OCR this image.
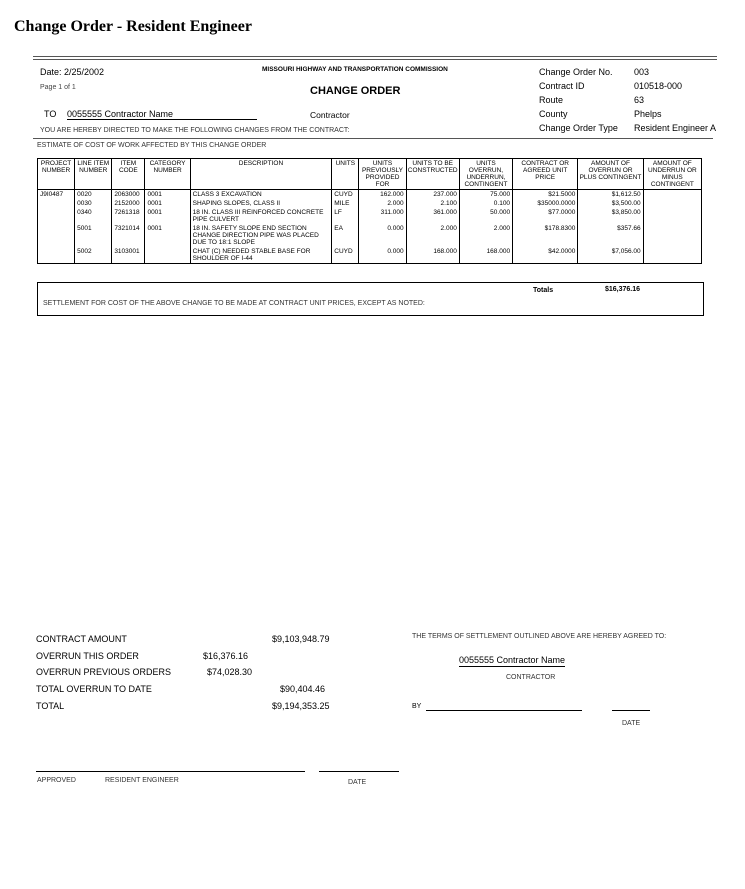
Change Order - Resident Engineer
Date: 2/25/2002
Page 1 of 1
MISSOURI HIGHWAY AND TRANSPORTATION COMMISSION
CHANGE ORDER
TO 0055555 Contractor Name	Contractor
YOU ARE HEREBY DIRECTED TO MAKE THE FOLLOWING CHANGES FROM THE CONTRACT:
Change Order No. 003
Contract ID	010518-000
Route	63
County	Phelps
Change Order Type Resident Engineer A
ESTIMATE OF COST OF WORK AFFECTED BY THIS CHANGE ORDER
PROJECT NUMBER	LINE ITEM NUMBER	ITEM CODE	CATEGORY NUMBER	DESCRIPTION	UNITS	UNITS PREVIOUSLY PROVIDED FOR	UNITS TO BE CONSTRUCTED	UNITS OVERRUN, UNDERRUN, CONTINGENT	CONTRACT OR AGREED UNIT PRICE	AMOUNT OF OVERRUN OR PLUS CONTINGENT	AMOUNT OF UNDERRUN OR MINUS CONTINGENT
J9I0487	0020	2063000	0001	CLASS 3 EXCAVATION	CUYD	162.000	237.000	75.000	$21.5000	$1,612.50	
	0030	2152000	0001	SHAPING SLOPES, CLASS II	MILE	2.000	2.100	0.100	$35000.0000	$3,500.00	
	0340	7261318	0001	18 IN. CLASS III REINFORCED CONCRETE PIPE CULVERT	LF	311.000	361.000	50.000	$77.0000	$3,850.00	
	5001	7321014	0001	18 IN. SAFETY SLOPE END SECTION CHANGE DIRECTION PIPE WAS PLACED DUE TO 18:1 SLOPE	EA	0.000	2.000	2.000	$178.8300	$357.66	
	5002	3103001		CHAT (C) NEEDED STABLE BASE FOR SHOULDER OF I-44	CUYD	0.000	168.000	168.000	$42.0000	$7,056.00	
Totals	$16,376.16
SETTLEMENT FOR COST OF THE ABOVE CHANGE TO BE MADE AT CONTRACT UNIT PRICES, EXCEPT AS NOTED:
CONTRACT AMOUNT	$9,103,948.79
OVERRUN THIS ORDER	$16,376.16
OVERRUN PREVIOUS ORDERS	$74,028.30
TOTAL OVERRUN TO DATE	$90,404.46
TOTAL	$9,194,353.25
THE TERMS OF SETTLEMENT OUTLINED ABOVE ARE HEREBY AGREED TO:
0055555 Contractor Name
CONTRACTOR
BY
DATE
APPROVED	RESIDENT ENGINEER	DATE
